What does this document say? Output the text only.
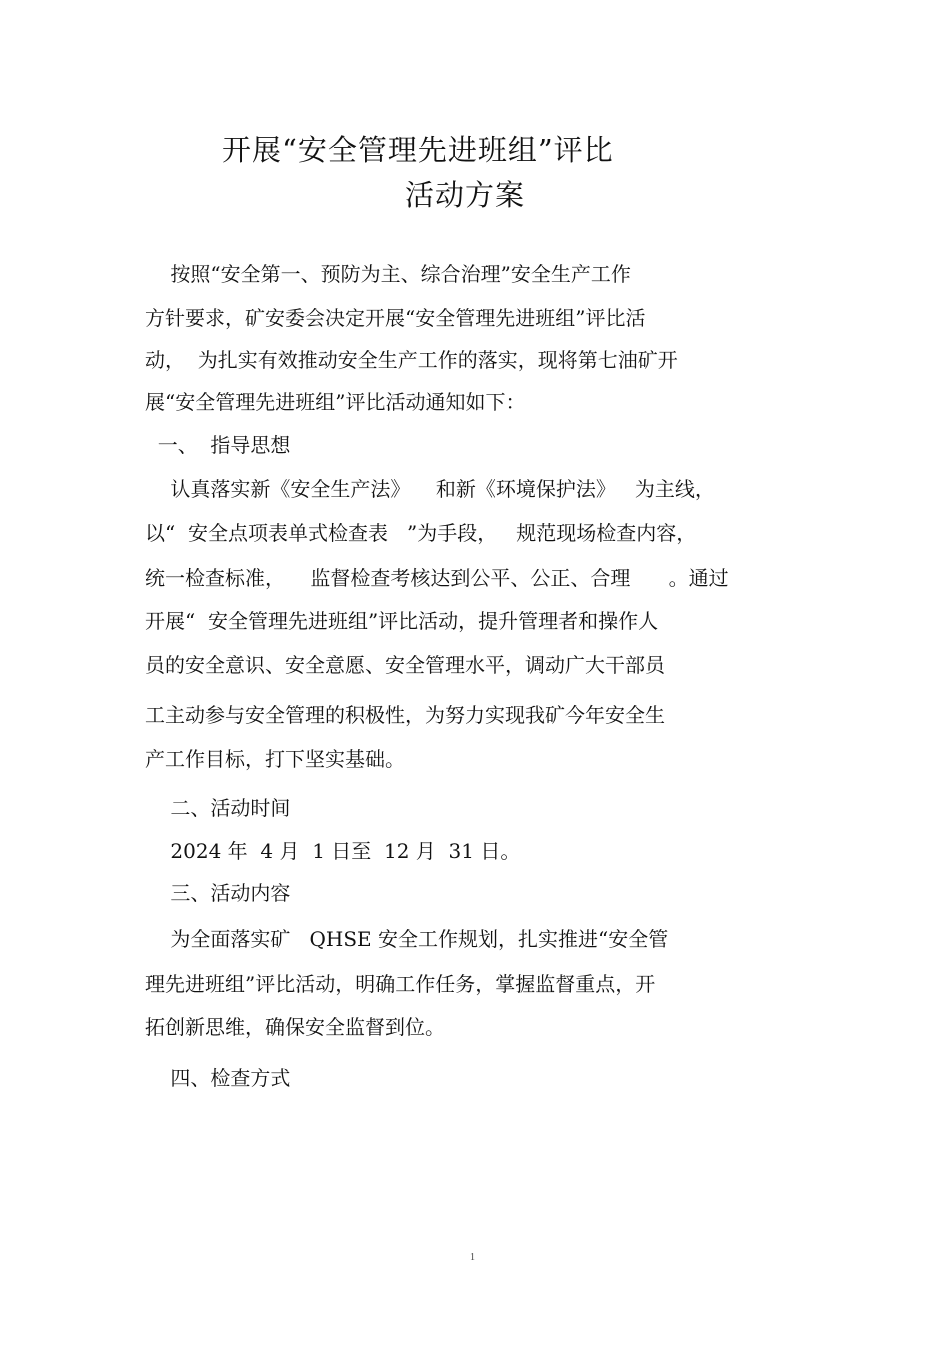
开展“安全管理先进班组”评比
活动方案
按照“安全第一、预防为主、综合治理”安全生产工作
方针要求，矿安委会决定开展“安全管理先进班组”评比活
动，  为扎实有效推动安全生产工作的落实，现将第七油矿开
展“安全管理先进班组”评比活动通知如下：
一、  指导思想
认真落实新《安全生产法》    和新《环境保护法》   为主线，
以“  安全点项表单式检查表   ”为手段，   规范现场检查内容，
统一检查标准，    监督检查考核达到公平、公正、合理      。通过
开展“  安全管理先进班组”评比活动，提升管理者和操作人
员的安全意识、安全意愿、安全管理水平，调动广大干部员
工主动参与安全管理的积极性，为努力实现我矿今年安全生
产工作目标，打下坚实基础。
二、活动时间
2024 年  4 月  1 日至  12 月  31 日。
三、活动内容
为全面落实矿   QHSE 安全工作规划，扎实推进“安全管
理先进班组”评比活动，明确工作任务，掌握监督重点，开
拓创新思维，确保安全监督到位。
四、检查方式
1
